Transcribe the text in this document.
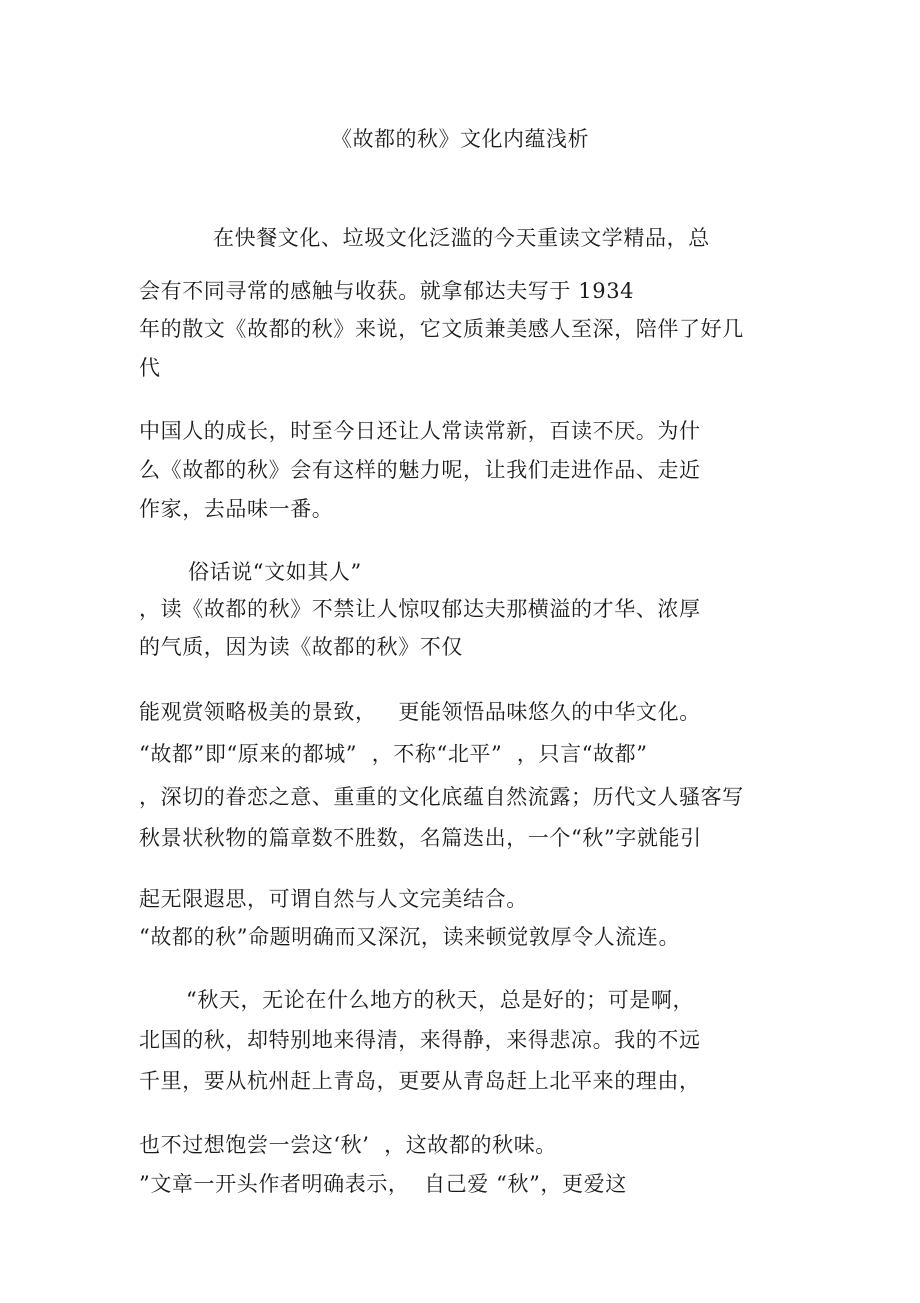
《故都的秋》文化内蕴浅析
在快餐文化、垃圾文化泛滥的今天重读文学精品，总
会有不同寻常的感触与收获。就拿郁达夫写于 1934
年的散文《故都的秋》来说，它文质兼美感人至深，陪伴了好几
代
中国人的成长，时至今日还让人常读常新，百读不厌。为什
么《故都的秋》会有这样的魅力呢，让我们走进作品、走近
作家，去品味一番。
俗话说“文如其人”
，读《故都的秋》不禁让人惊叹郁达夫那横溢的才华、浓厚
的气质，因为读《故都的秋》不仅
能观赏领略极美的景致，   更能领悟品味悠久的中华文化。
“故都”即“原来的都城”  ，不称“北平”  ，只言“故都”
，深切的眷恋之意、重重的文化底蕴自然流露；历代文人骚客写
秋景状秋物的篇章数不胜数，名篇迭出，一个“秋”字就能引
起无限遐思，可谓自然与人文完美结合。
“故都的秋”命题明确而又深沉，读来顿觉敦厚令人流连。
“秋天，无论在什么地方的秋天，总是好的；可是啊，
北国的秋，却特别地来得清，来得静，来得悲凉。我的不远
千里，要从杭州赶上青岛，更要从青岛赶上北平来的理由，
也不过想饱尝一尝这‘秋’  ，这故都的秋味。
”文章一开头作者明确表示，  自己爱 “秋”，更爱这
